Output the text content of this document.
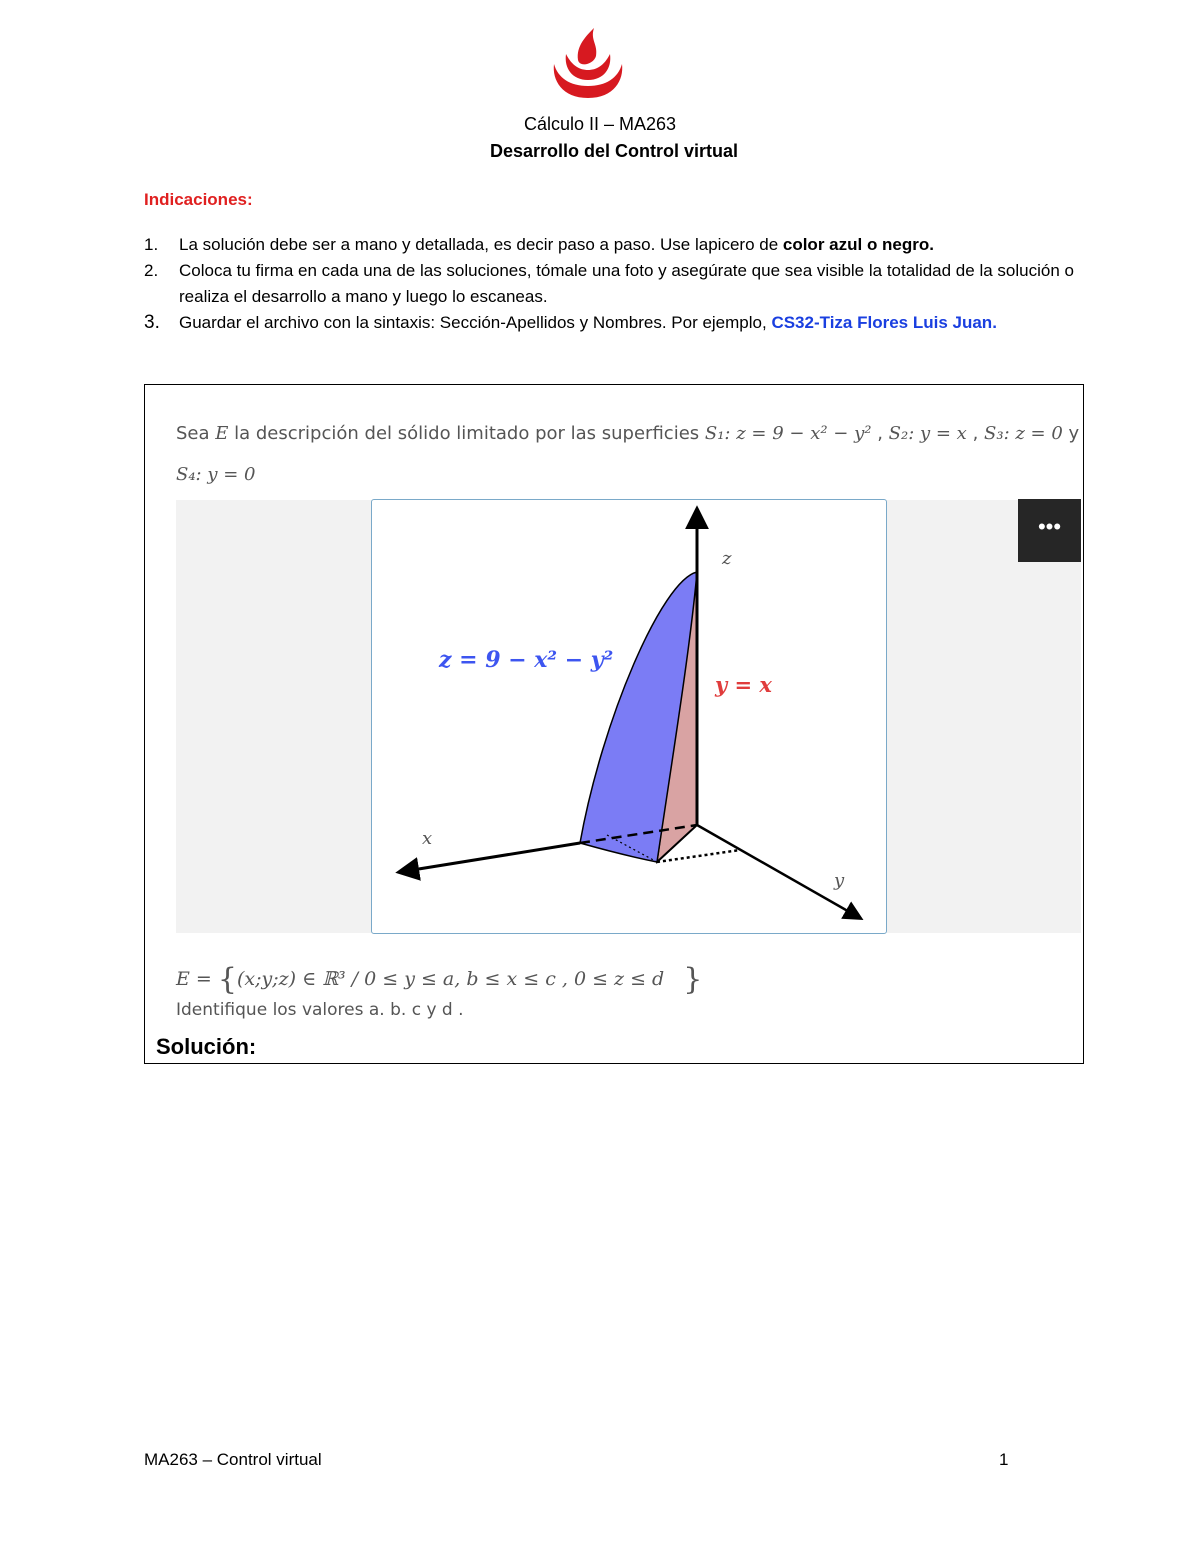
Cálculo II – MA263
Desarrollo del Control virtual
Indicaciones:
1. La solución debe ser a mano y detallada, es decir paso a paso. Use lapicero de color azul o negro.
2. Coloca tu firma en cada una de las soluciones, tómale una foto y asegúrate que sea visible la totalidad de la solución o realiza el desarrollo a mano y luego lo escaneas.
3. Guardar el archivo con la sintaxis: Sección-Apellidos y Nombres. Por ejemplo, CS32-Tiza Flores Luis Juan.
Sea E la descripción del sólido limitado por las superficies S₁: z = 9 − x² − y² , S₂: y = x , S₃: z = 0 y
S₄: y = 0
z = 9 − x² − y²
y = x
z
x
y
•••
E = {(x;y;z) ∈ ℝ³ / 0 ≤ y ≤ a, b ≤ x ≤ c , 0 ≤ z ≤ d  }
Identifique los valores a. b. c y d .
Solución:
MA263 – Control virtual	1
